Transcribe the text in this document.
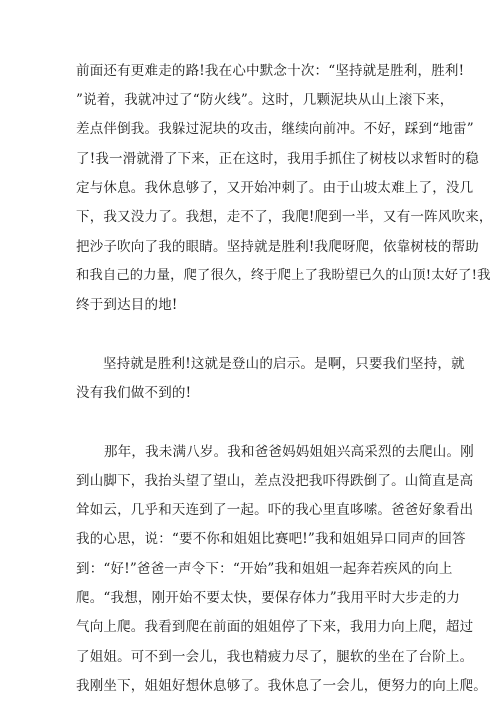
前面还有更难走的路!我在心中默念十次：“坚持就是胜利，胜利!
”说着，我就冲过了“防火线”。这时，几颗泥块从山上滚下来，
差点伴倒我。我躲过泥块的攻击，继续向前冲。不好，踩到“地雷”
了!我一滑就滑了下来，正在这时，我用手抓住了树枝以求暂时的稳
定与休息。我休息够了，又开始冲刺了。由于山坡太难上了，没几
下，我又没力了。我想，走不了，我爬!爬到一半，又有一阵风吹来，
把沙子吹向了我的眼睛。坚持就是胜利!我爬呀爬，依靠树枝的帮助
和我自己的力量，爬了很久，终于爬上了我盼望已久的山顶!太好了!我
终于到达目的地!
坚持就是胜利!这就是登山的启示。是啊，只要我们坚持，就
没有我们做不到的!
那年，我未满八岁。我和爸爸妈妈姐姐兴高采烈的去爬山。刚
到山脚下，我抬头望了望山，差点没把我吓得跌倒了。山简直是高
耸如云，几乎和天连到了一起。吓的我心里直哆嗦。爸爸好象看出
我的心思，说：“要不你和姐姐比赛吧!”我和姐姐异口同声的回答
到：“好!”爸爸一声令下：“开始”我和姐姐一起奔若疾风的向上
爬。“我想，刚开始不要太快，要保存体力”我用平时大步走的力
气向上爬。我看到爬在前面的姐姐停了下来，我用力向上爬，超过
了姐姐。可不到一会儿，我也精疲力尽了，腿软的坐在了台阶上。
我刚坐下，姐姐好想休息够了。我休息了一会儿，便努力的向上爬。
